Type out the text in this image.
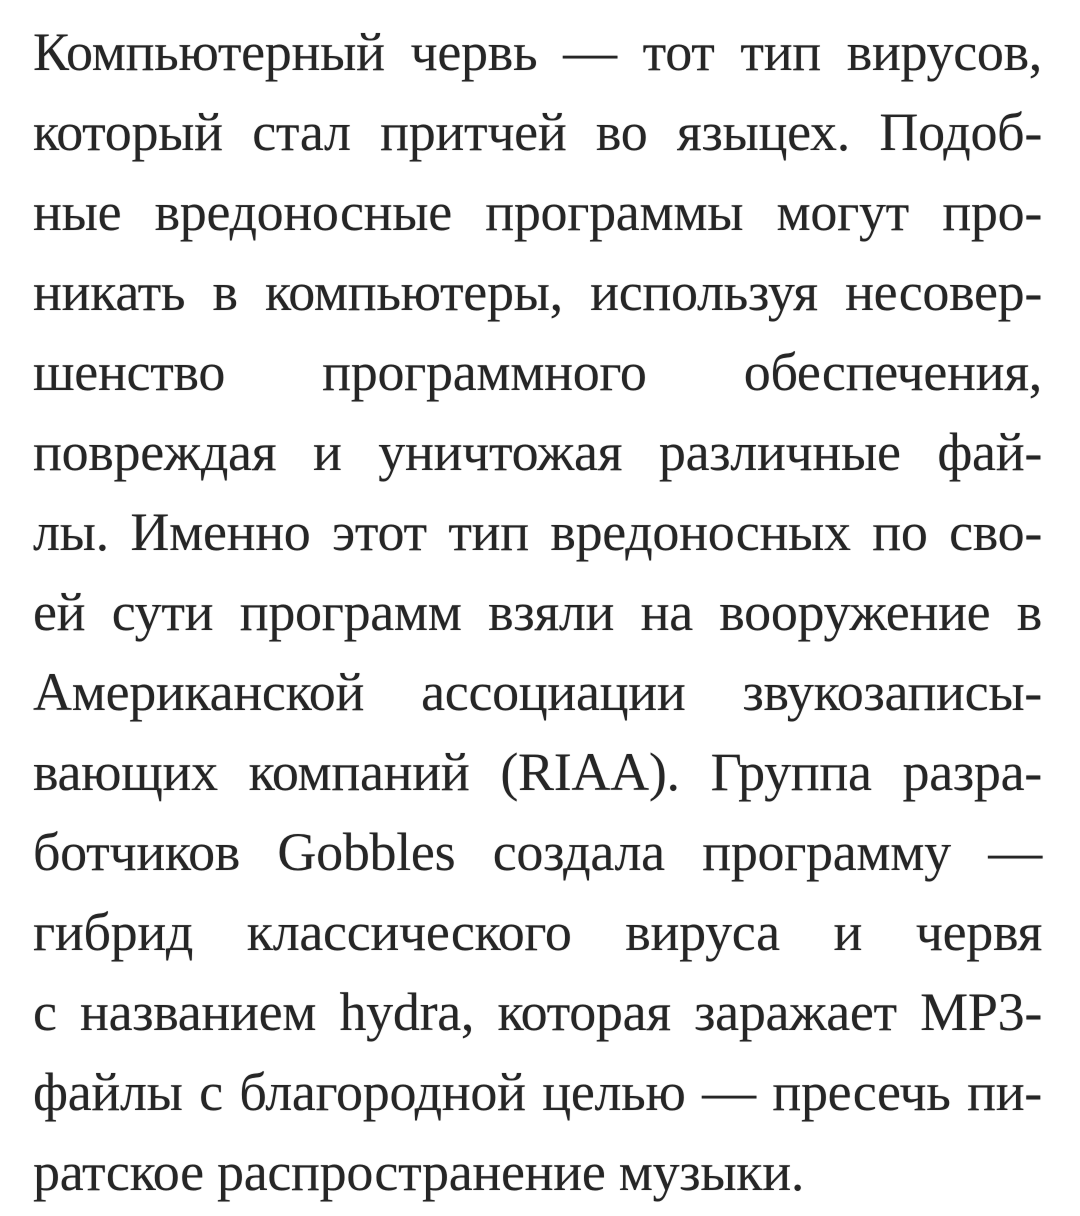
Компьютерный червь — тот тип вирусов,
который стал притчей во языцех. Подоб-
ные вредоносные программы могут про-
никать в компьютеры, используя несовер-
шенство программного обеспечения,
повреждая и уничтожая различные фай-
лы. Именно этот тип вредоносных по сво-
ей сути программ взяли на вооружение в
Американской ассоциации звукозаписы-
вающих компаний (RIAA). Группа разра-
ботчиков Gobbles создала программу —
гибрид классического вируса и червя
с названием hydra, которая заражает MP3-
файлы с благородной целью — пресечь пи-
ратское распространение музыки.
